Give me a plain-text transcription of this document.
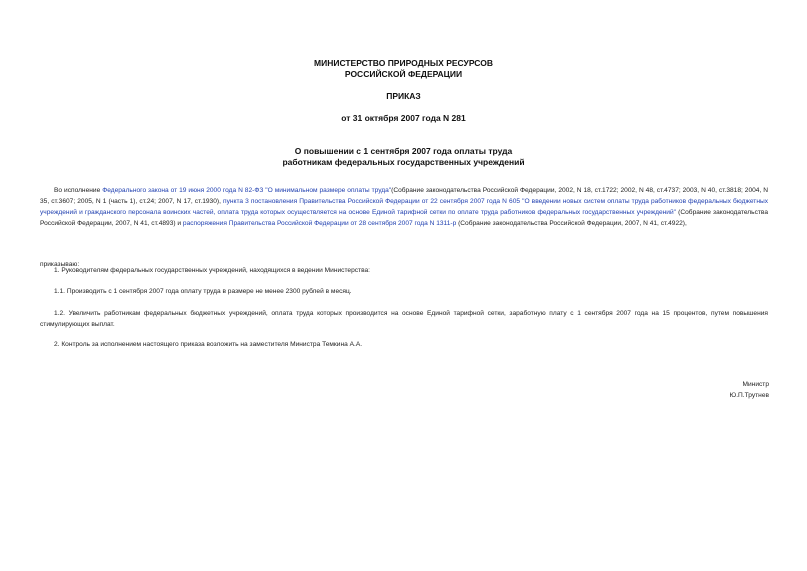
МИНИСТЕРСТВО ПРИРОДНЫХ РЕСУРСОВ
РОССИЙСКОЙ ФЕДЕРАЦИИ
ПРИКАЗ
от 31 октября 2007 года N 281
О повышении с 1 сентября 2007 года оплаты труда
работникам федеральных государственных учреждений
Во исполнение Федерального закона от 19 июня 2000 года N 82-ФЗ "О минимальном размере оплаты труда"(Собрание законодательства Российской Федерации, 2002, N 18, ст.1722; 2002, N 48, ст.4737; 2003, N 40, ст.3818; 2004, N 35, ст.3607; 2005, N 1 (часть 1), ст.24; 2007, N 17, ст.1930), пункта 3 постановления Правительства Российской Федерации от 22 сентября 2007 года N 605 "О введении новых систем оплаты труда работников федеральных бюджетных учреждений и гражданского персонала воинских частей, оплата труда которых осуществляется на основе Единой тарифной сетки по оплате труда работников федеральных государственных учреждений" (Собрание законодательства Российской Федерации, 2007, N 41, ст.4893) и распоряжения Правительства Российской Федерации от 28 сентября 2007 года N 1311-р (Собрание законодательства Российской Федерации, 2007, N 41, ст.4922),
приказываю:
1. Руководителям федеральных государственных учреждений, находящихся в ведении Министерства:
1.1. Производить с 1 сентября 2007 года оплату труда в размере не менее 2300 рублей в месяц.
1.2. Увеличить работникам федеральных бюджетных учреждений, оплата труда которых производится на основе Единой тарифной сетки, заработную плату с 1 сентября 2007 года на 15 процентов, путем повышения стимулирующих выплат.
2. Контроль за исполнением настоящего приказа возложить на заместителя Министра Темкина А.А.
Министр
Ю.П.Трутнев
